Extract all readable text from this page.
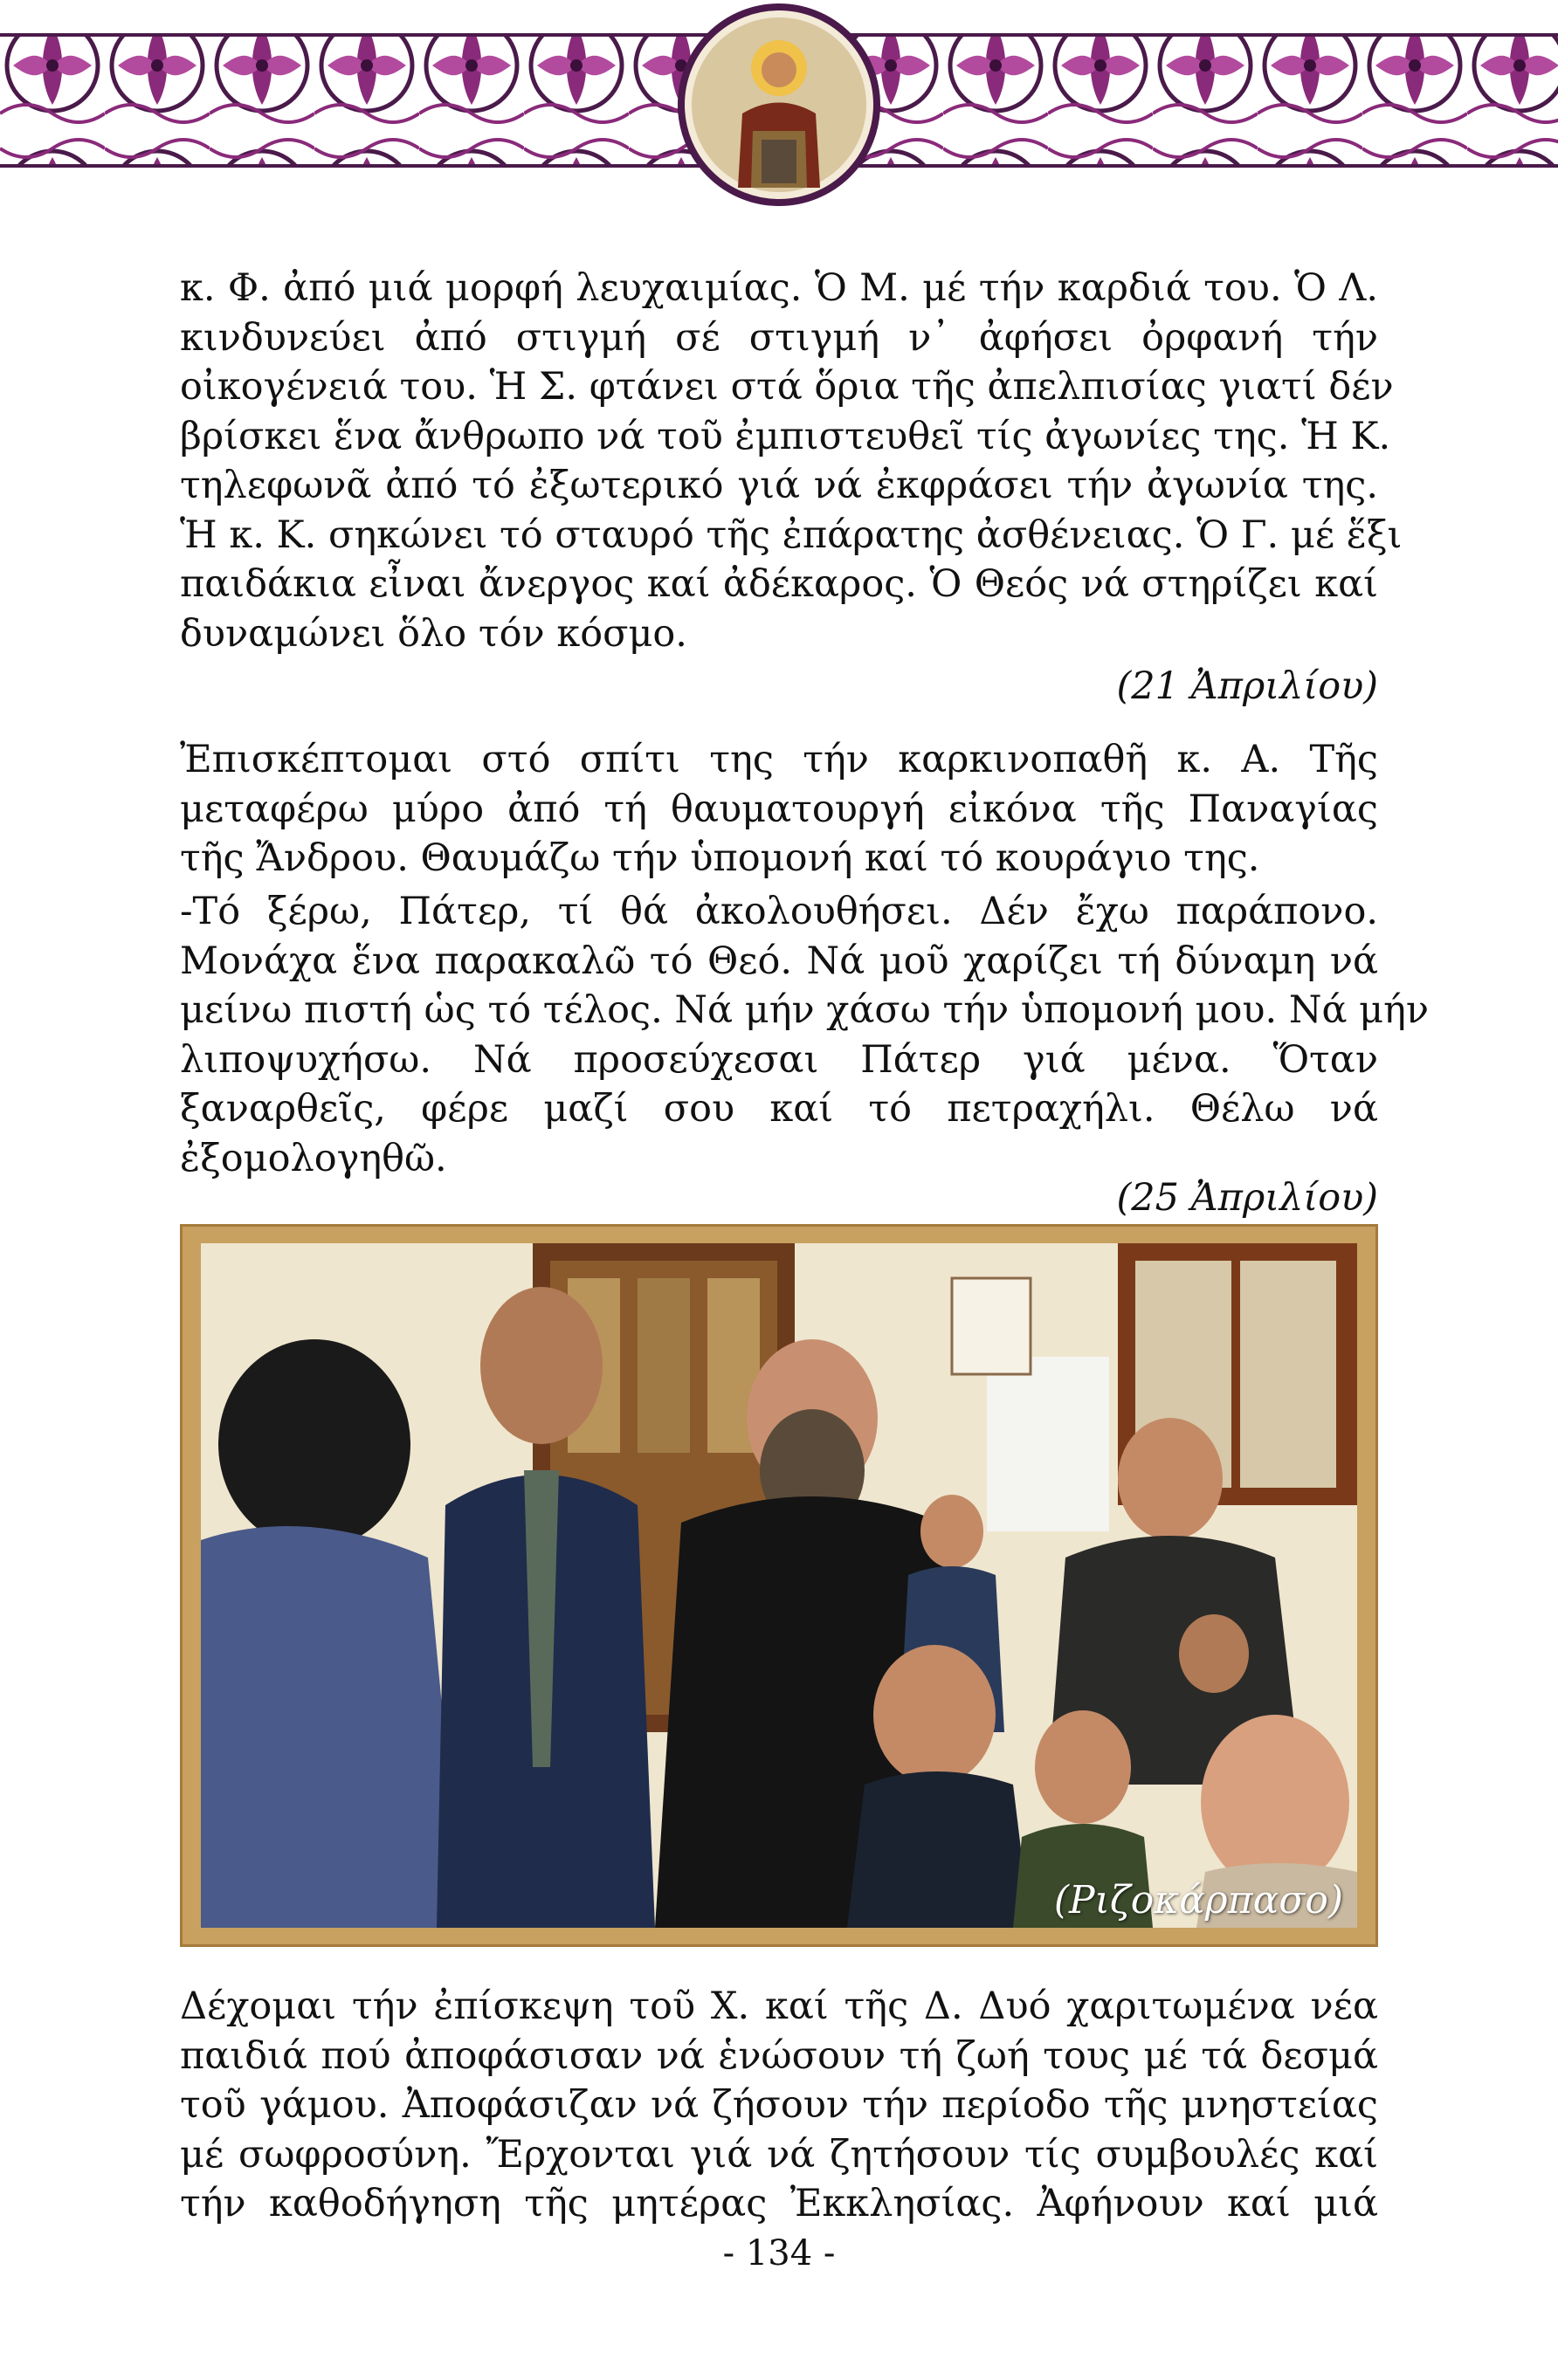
κ. Φ. ἀπό μιά μορφή λευχαιμίας. Ὁ Μ. μέ τήν καρδιά του. Ὁ Λ.
κινδυνεύει ἀπό στιγμή σέ στιγμή ν᾽ ἀφήσει ὀρφανή τήν
οἰκογένειά του. Ἡ Σ. φτάνει στά ὅρια τῆς ἀπελπισίας γιατί δέν
βρίσκει ἕνα ἄνθρωπο νά τοῦ ἐμπιστευθεῖ τίς ἀγωνίες της. Ἡ Κ.
τηλεφωνᾶ ἀπό τό ἐξωτερικό γιά νά ἐκφράσει τήν ἀγωνία της.
Ἡ κ. Κ. σηκώνει τό σταυρό τῆς ἐπάρατης ἀσθένειας. Ὁ Γ. μέ ἕξι
παιδάκια εἶναι ἄνεργος καί ἀδέκαρος. Ὁ Θεός νά στηρίζει καί
δυναμώνει ὅλο τόν κόσμο.

(21 Ἀπριλίου)

Ἐπισκέπτομαι στό σπίτι της τήν καρκινοπαθῆ κ. Α. Τῆς
μεταφέρω μύρο ἀπό τή θαυματουργή εἰκόνα τῆς Παναγίας
τῆς Ἄνδρου. Θαυμάζω τήν ὑπομονή καί τό κουράγιο της.

-Τό ξέρω, Πάτερ, τί θά ἀκολουθήσει. Δέν ἔχω παράπονο.
Μονάχα ἕνα παρακαλῶ τό Θεό. Νά μοῦ χαρίζει τή δύναμη νά
μείνω πιστή ὡς τό τέλος. Νά μήν χάσω τήν ὑπομονή μου. Νά μήν
λιποψυχήσω. Νά προσεύχεσαι Πάτερ γιά μένα. Ὅταν
ξαναρθεῖς, φέρε μαζί σου καί τό πετραχήλι. Θέλω νά
ἐξομολογηθῶ.

(25 Ἀπριλίου)
(Ριζοκάρπασο)

Δέχομαι τήν ἐπίσκεψη τοῦ Χ. καί τῆς Δ. Δυό χαριτωμένα νέα
παιδιά πού ἀποφάσισαν νά ἑνώσουν τή ζωή τους μέ τά δεσμά
τοῦ γάμου. Ἀποφάσιζαν νά ζήσουν τήν περίοδο τῆς μνηστείας
μέ σωφροσύνη. Ἔρχονται γιά νά ζητήσουν τίς συμβουλές καί
τήν καθοδήγηση τῆς μητέρας Ἐκκλησίας. Ἀφήνουν καί μιά

- 134 -
